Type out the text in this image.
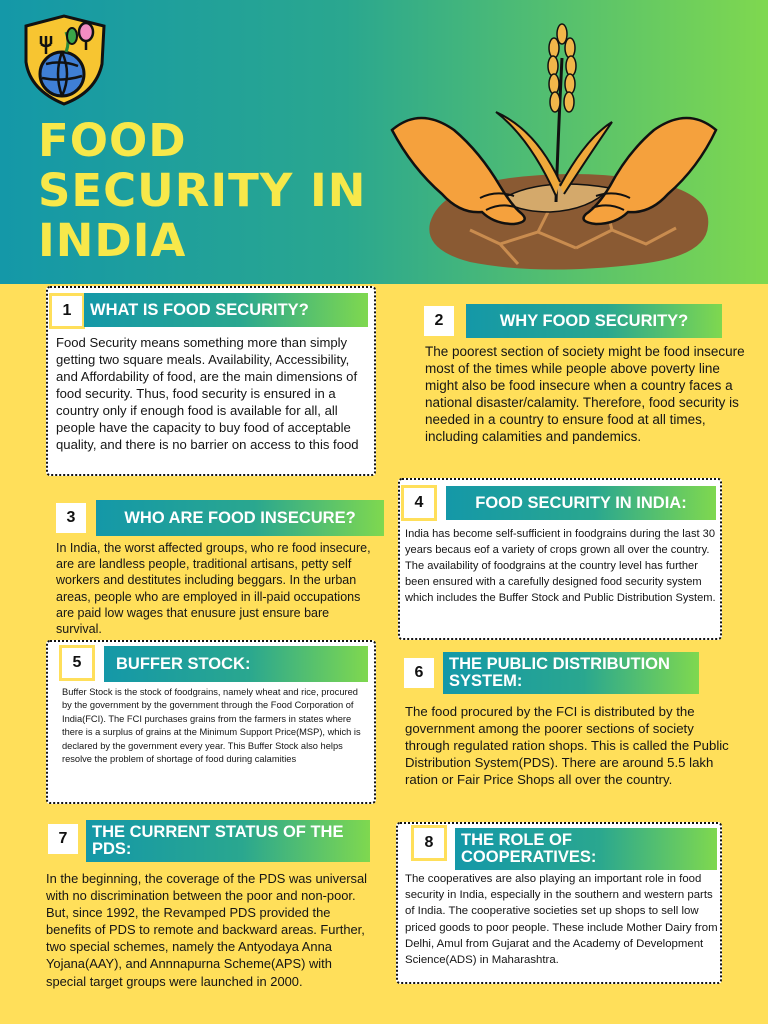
FOOD
SECURITY IN
INDIA
1	WHAT IS FOOD SECURITY?

Food Security means something more than simply getting two square meals. Availability, Accessibility, and Affordability of food, are the main dimensions of food security. Thus, food security is ensured in a country only if enough food is available for all, all people have the capacity to buy food of acceptable quality, and there is no barrier on access to this food

2	WHY FOOD SECURITY?

The poorest section of society might be food insecure most of the times while people above poverty line might also be food insecure when a country faces a national disaster/calamity. Therefore, food security is needed in a country to ensure food at all times, including calamities and pandemics.

3	WHO ARE FOOD INSECURE?

In India, the worst affected groups, who re food insecure, are are landless people, traditional artisans, petty self workers and destitutes including beggars. In the urban areas, people who are employed in ill-paid occupations are paid low wages that enusure just ensure bare survival.

4	FOOD SECURITY IN INDIA:

India has become self-sufficient in foodgrains during the last 30 years becaus eof a variety of crops grown all over the country. The availability of foodgrains at the country level has further been ensured with a carefully designed food security system which includes the Buffer Stock and Public Distribution System.

5	BUFFER STOCK:

Buffer Stock is the stock of foodgrains, namely wheat and rice, procured by the government by the government through the Food Corporation of India(FCI). The FCI purchases grains from the farmers in states where there is a surplus of grains at the Minimum Support Price(MSP), which is declared by the government every year. This Buffer Stock also helps resolve the problem of shortage of food during calamities

6	THE PUBLIC DISTRIBUTION SYSTEM:

The food procured by the FCI is distributed by the government among the poorer sections of society through regulated ration shops. This is called the Public Distribution System(PDS). There are around 5.5 lakh ration or Fair Price Shops all over the country.

7	THE CURRENT STATUS OF THE PDS:

In the beginning, the coverage of the PDS was universal with no discrimination between the poor and non-poor. But, since 1992, the Revamped PDS provided the benefits of PDS to remote and backward areas. Further, two special schemes, namely the Antyodaya Anna Yojana(AAY), and Annnapurna Scheme(APS) with special target groups were launched in 2000.

8	THE ROLE OF COOPERATIVES:

The cooperatives are also playing an important role in food security in India, especially in the southern and western parts of India. The cooperative societies set up shops to sell low priced goods to poor people. These include Mother Dairy from Delhi, Amul from Gujarat and the Academy of Development Science(ADS) in Maharashtra.
